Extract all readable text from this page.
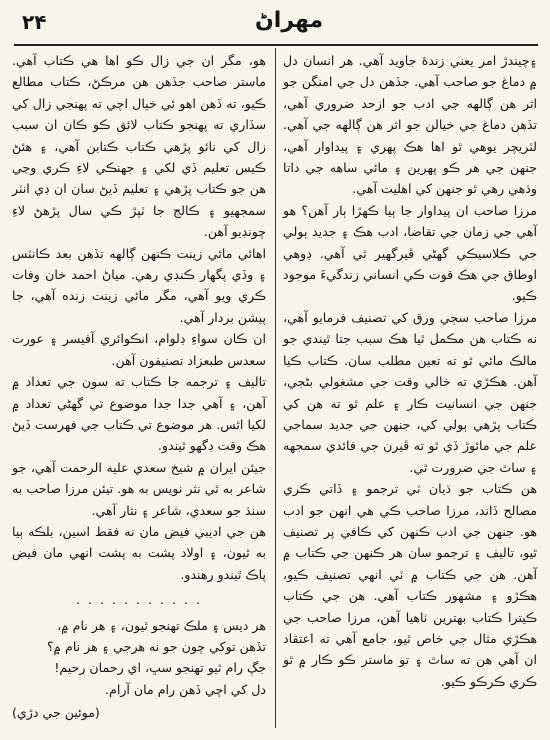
۲۴	مهراڻ

۽چيندڙ امر يعني زندهٔ جاويد آهي. هر انسان دل ۾ دماغ جو صاحب آهي. جڏهن دل جي امنگن جو اثر هن ڳالهه جي ادب جو ازحد ضروري آهي، تڏهن دماغ جي خيالن جو اثر هن ڳالهه جي آهي. لٽريچر يوهي ٿو اها هڪ پهري ۽ پيداوار آهي، جنهن جي هر ڪو پهرين ۽ مائي ساهه جي داتا وڌهي رهي ٿو جنهن کي اهليت آهي.

مرزا صاحب ان پيداوار جا ٻيا ڪهڙا ٻار آهن؟ هو آهي جي زمان جي تقاضا، ادب هڪ ۽ جديد ٻولي جي ڪلاسيڪي گهڻي ڦيرگهير ٿي آهي. ڊوهي اوطاق جي هڪ قوت ڪي انساني زندگيءَ موجود ڪيو.

مرزا صاحب سڄي ورق کي تصنيف فرمايو آهي، نه ڪتاب هن مڪمل ٿيا هڪ سبب جتا ٿيندي جو مالڪ مائي ٿو ته تعين مطلب سان. ڪتاب ڪيا آهن. هڪڙي ته خالي وقت جي مشغولي بڻجي، جنهن جي انسانيت ڪار ۽ علم ٿو ته هن کي ڪتاب پڙهي ٻولي کي، جنهن جي جديد سماجي علم جي مائوڙ ڏي ٿو ته ڦيرن جي فائدي سمجهه ۽ ساٿ جي ضرورت ٿي.

هن ڪتاب جو ڌيان ٽي ترجمو ۽ ڏاتي ڪري مصالح ڏاند، مرزا صاحب ڪي هي انهن جو ادب هو. جنهن جي ادب ڪنهن کي ڪافي پر تصنيف ٿيو، تاليف ۽ ترجمو سان هر ڪنهن جي ڪتاب ۾ آهن. هن جي ڪتاب ۾ ٽي انهي تصنيف ڪيو، هڪڙو ۽ مشهور ڪتاب آهي. هن جي ڪتاب ڪيترا ڪتاب بهترين ٺاهيا آهن، مرزا صاحب جي هڪڙي مثال جي خاص ٿيو، جامع آهي ته اعتقاد ان آهي هن ته ساٿ ۽ تو ماستر ڪو ڪار ۾ ٿو ڪري ڪرڪو ڪيو.

هو، مگر ان جي زال ڪو اها هي ڪتاب آهي. ماستر صاحب جڏهن هن مرڪڻ، ڪتاب مطالع ڪيو، ته ڏهن اهو ئي خيال اچي ته پهنجي زال کي سڏاري ته پهنجو ڪتاب لائق ڪو ڪان ان سبب زال کي نائو پڙهي ڪتاب ڪتابن آهي، ۽ هئڻ ڪيس تعليم ڏي لکي ۽ جهنڪي لاءِ ڪري وڃي هن جو ڪتاب پڙهي ۽ تعليم ڏيڻ سان ان ڊي انٽر سمجهيو ۽ ڪالج جا ٽپڙ ڪي سال پڙهڻ لاءِ چونڊيو آهن.

اهائي مائي زينت ڪنهن ڳالهه تڏهن بعد ڪانٽس ۽ وڏي پگهار ڪنڊي رهي. مياڻ احمد خان وفات ڪري ويو آهي، مگر مائي زينت زنده آهي، جا پيشن بردار آهي.

ان ڪان سواءِ ڊلوام، انڪوائري آفيسر ۽ عورت سعدس طبعزاد تصنيفون آهن.

تاليف ۽ ترجمه جا ڪتاب ته سون جي تعداد ۾ آهن، ۽ آهي جدا جدا موضوع تي گهڻي تعداد ۾ لکيا اٿس. هر موضوع تي ڪتاب جي فهرست ڏيڻ هڪ وقت ڊگهو ٿيندو.

جيئن ايران ۾ شيخ سعدي عليه الرحمت آهي، جو شاعر به ٿي نثر نويس به هو. تيئن مرزا صاحب به سنڌ جو سعدي، شاعر ۽ نثار آهي.

هن جي اديبي فيض مان نه فقط اسين، بلڪه ٻيا به ٿيون، ۽ اولاد پشت به پشت انهي مان فيض پاڪ ٿيندو رهندو.

. . . . . . . . . . .

هر ديس ۽ ملڪ تهنجو ٿيون، ۽ هر نام ۾،

تڏهن توکي چون جو نه هرجي ۽ هر نام ۾؟

جڳ رام ٿيو تهنجو سڀ، اي رحمان رحيم!

دل کي اچي ڏهن رام مان آرام.

(موئين جي دڙي)
